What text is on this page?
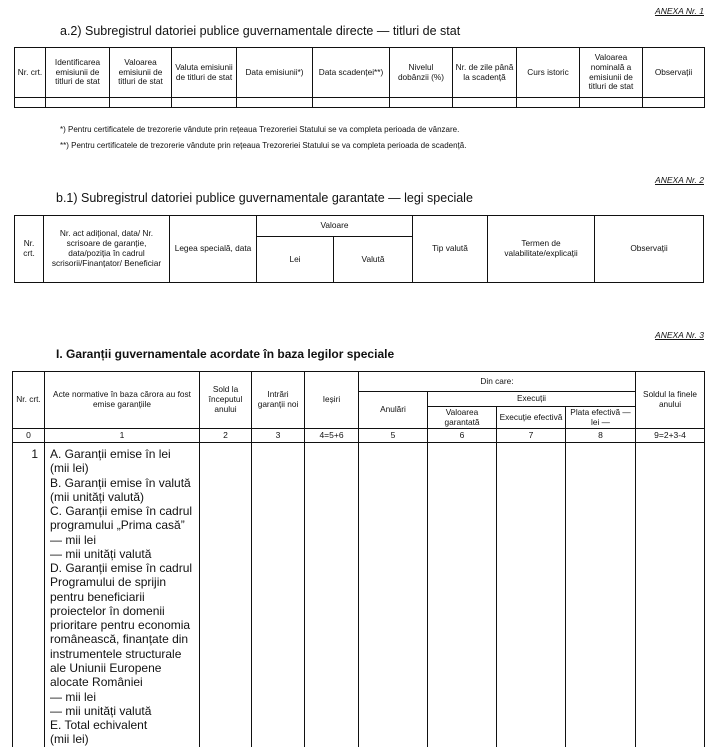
ANEXA Nr. 1
a.2) Subregistrul datoriei publice guvernamentale directe — titluri de stat
Nr. crt.	Identificarea emisiunii de titluri de stat	Valoarea emisiunii de titluri de stat	Valuta emisiunii de titluri de stat	Data emisiunii*)	Data scadenței**)	Nivelul dobânzii (%)	Nr. de zile până la scadență	Curs istoric	Valoarea nominală a emisiunii de titluri de stat	Observații

*) Pentru certificatele de trezorerie vândute prin rețeaua Trezoreriei Statului se va completa perioada de vânzare.
**) Pentru certificatele de trezorerie vândute prin rețeaua Trezoreriei Statului se va completa perioada de scadență.
ANEXA Nr. 2
b.1) Subregistrul datoriei publice guvernamentale garantate — legi speciale
Nr. crt.	Nr. act adițional, data/ Nr. scrisoare de garanție, data/poziția în cadrul scrisorii/Finanțator/ Beneficiar	Legea specială, data	Valoare		Tip valută	Termen de valabilitate/explicații	Observații
			Lei	Valută			
ANEXA Nr. 3
I. Garanții guvernamentale acordate în baza legilor speciale
Nr. crt.	Acte normative în baza cărora au fost emise garanțiile	Sold la începutul anului	Intrări garanții noi	Ieșiri	Din care:				Soldul la finele anului
					Anulări	Execuții			
						Valoarea garantată	Execuție efectivă	Plata efectivă — lei —	
0	1	2	3	4=5+6	5	6	7	8	9=2+3-4
1	A. Garanții emise în lei
(mii lei)
B. Garanții emise în valută
(mii unități valută)
C. Garanții emise în cadrul
programului „Prima casă”
— mii lei
— mii unități valută
D. Garanții emise în cadrul
Programului de sprijin
pentru beneficiarii
proiectelor în domenii
prioritare pentru economia
românească, finanțate din
instrumentele structurale
ale Uniunii Europene
alocate României
— mii lei
— mii unități valută
E. Total echivalent
(mii lei)
